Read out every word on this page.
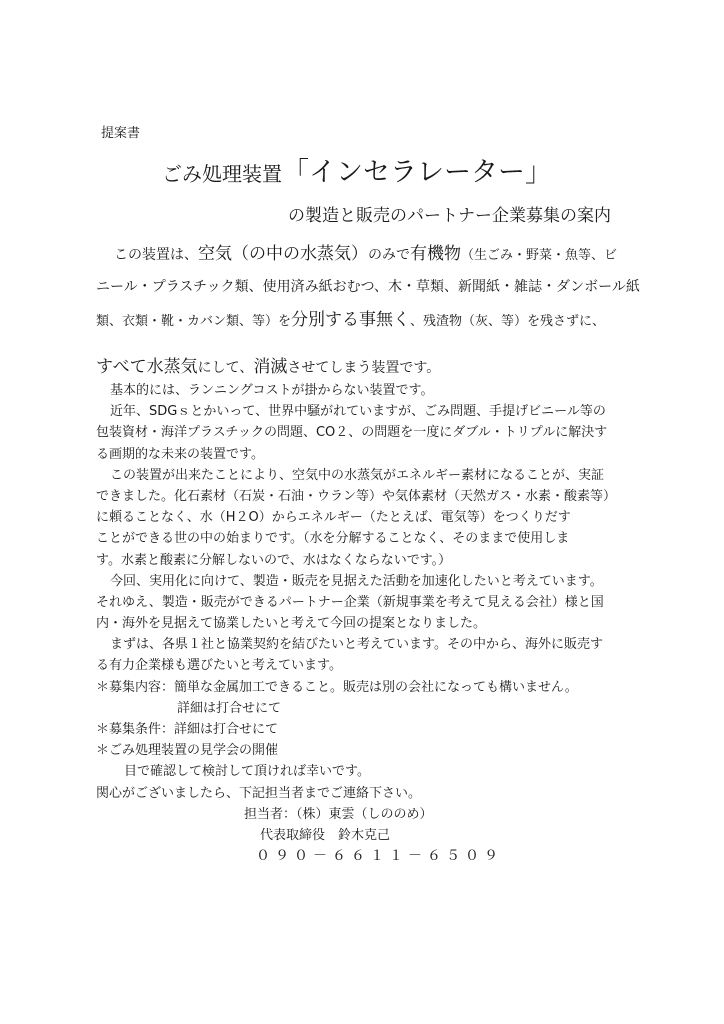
提案書
ごみ処理装置「インセラレーター」
の製造と販売のパートナー企業募集の案内
この装置は、空気（の中の水蒸気）のみで有機物（生ごみ・野菜・魚等、ビ
ニール・プラスチック類、使用済み紙おむつ、木・草類、新聞紙・雑誌・ダンボール紙
類、衣類・靴・カバン類、等）を分別する事無く、残渣物（灰、等）を残さずに、
すべて水蒸気にして、消滅させてしまう装置です。
基本的には、ランニングコストが掛からない装置です。
近年、SDGｓとかいって、世界中騒がれていますが、ごみ問題、手提げビニール等の
包装資材・海洋プラスチックの問題、CO２、の問題を一度にダブル・トリプルに解決す
る画期的な未来の装置です。
この装置が出来たことにより、空気中の水蒸気がエネルギー素材になることが、実証
できました。化石素材（石炭・石油・ウラン等）や気体素材（天然ガス・水素・酸素等）
に頼ることなく、水（H２O）からエネルギー（たとえば、電気等）をつくりだす
ことができる世の中の始まりです。（水を分解することなく、そのままで使用しま
す。水素と酸素に分解しないので、水はなくならないです。）
今回、実用化に向けて、製造・販売を見据えた活動を加速化したいと考えています。
それゆえ、製造・販売ができるパートナー企業（新規事業を考えて見える会社）様と国
内・海外を見据えて協業したいと考えて今回の提案となりました。
まずは、各県１社と協業契約を結びたいと考えています。その中から、海外に販売す
る有力企業様も選びたいと考えています。
＊募集内容：簡単な金属加工できること。販売は別の会社になっても構いません。
詳細は打合せにて
＊募集条件：詳細は打合せにて
＊ごみ処理装置の見学会の開催
目で確認して検討して頂ければ幸いです。
関心がございましたら、下記担当者までご連絡下さい。
担当者：（株）東雲（しののめ）
代表取締役　鈴木克己
０９０－６６１１－６５０９
